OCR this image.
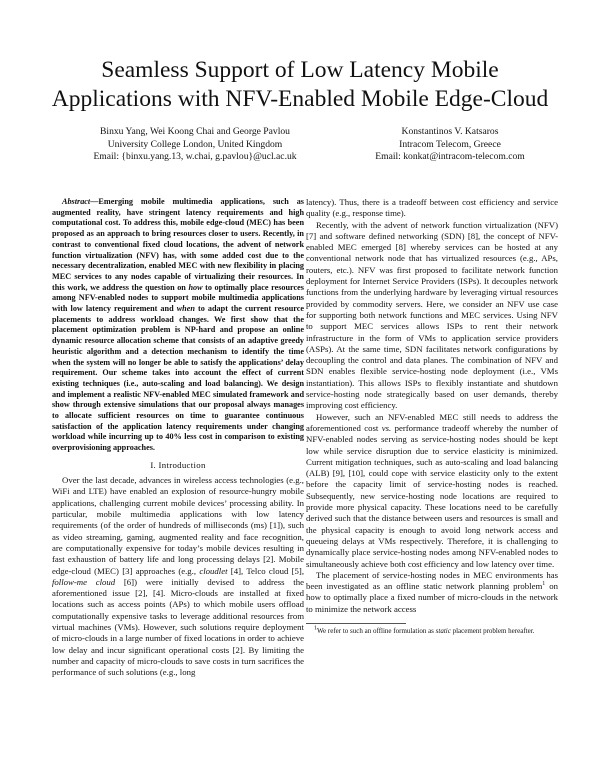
Seamless Support of Low Latency Mobile
Applications with NFV-Enabled Mobile Edge-Cloud
Binxu Yang, Wei Koong Chai and George Pavlou
University College London, United Kingdom
Email: {binxu.yang.13, w.chai, g.pavlou}@ucl.ac.uk
Konstantinos V. Katsaros
Intracom Telecom, Greece
Email: konkat@intracom-telecom.com

Abstract—Emerging mobile multimedia applications, such as augmented reality, have stringent latency requirements and high computational cost. To address this, mobile edge-cloud (MEC) has been proposed as an approach to bring resources closer to users. Recently, in contrast to conventional fixed cloud locations, the advent of network function virtualization (NFV) has, with some added cost due to the necessary decentralization, enabled MEC with new flexibility in placing MEC services to any nodes capable of virtualizing their resources. In this work, we address the question on how to optimally place resources among NFV-enabled nodes to support mobile multimedia applications with low latency requirement and when to adapt the current resource placements to address workload changes. We first show that the placement optimization problem is NP-hard and propose an online dynamic resource allocation scheme that consists of an adaptive greedy heuristic algorithm and a detection mechanism to identify the time when the system will no longer be able to satisfy the applications’ delay requirement. Our scheme takes into account the effect of current existing techniques (i.e., auto-scaling and load balancing). We design and implement a realistic NFV-enabled MEC simulated framework and show through extensive simulations that our proposal always manages to allocate sufficient resources on time to guarantee continuous satisfaction of the application latency requirements under changing workload while incurring up to 40% less cost in comparison to existing overprovisioning approaches.

I. Introduction

Over the last decade, advances in wireless access technologies (e.g., WiFi and LTE) have enabled an explosion of resource-hungry mobile applications, challenging current mobile devices’ processing ability. In particular, mobile multimedia applications with low latency requirements (of the order of hundreds of milliseconds (ms) [1]), such as video streaming, gaming, augmented reality and face recognition, are computationally expensive for today’s mobile devices resulting in fast exhaustion of battery life and long processing delays [2]. Mobile edge-cloud (MEC) [3] approaches (e.g., cloudlet [4], Telco cloud [5], follow-me cloud [6]) were initially devised to address the aforementioned issue [2], [4]. Micro-clouds are installed at fixed locations such as access points (APs) to which mobile users offload computationally expensive tasks to leverage additional resources from virtual machines (VMs). However, such solutions require deployment of micro-clouds in a large number of fixed locations in order to achieve low delay and incur significant operational costs [2]. By limiting the number and capacity of micro-clouds to save costs in turn sacrifices the performance of such solutions (e.g., long

latency). Thus, there is a tradeoff between cost efficiency and service quality (e.g., response time).

Recently, with the advent of network function virtualization (NFV) [7] and software defined networking (SDN) [8], the concept of NFV-enabled MEC emerged [8] whereby services can be hosted at any conventional network node that has virtualized resources (e.g., APs, routers, etc.). NFV was first proposed to facilitate network function deployment for Internet Service Providers (ISPs). It decouples network functions from the underlying hardware by leveraging virtual resources provided by commodity servers. Here, we consider an NFV use case for supporting both network functions and MEC services. Using NFV to support MEC services allows ISPs to rent their network infrastructure in the form of VMs to application service providers (ASPs). At the same time, SDN facilitates network configurations by decoupling the control and data planes. The combination of NFV and SDN enables flexible service-hosting node deployment (i.e., VMs instantiation). This allows ISPs to flexibly instantiate and shutdown service-hosting node strategically based on user demands, thereby improving cost efficiency.

However, such an NFV-enabled MEC still needs to address the aforementioned cost vs. performance tradeoff whereby the number of NFV-enabled nodes serving as service-hosting nodes should be kept low while service disruption due to service elasticity is minimized. Current mitigation techniques, such as auto-scaling and load balancing (ALB) [9], [10], could cope with service elasticity only to the extent before the capacity limit of service-hosting nodes is reached. Subsequently, new service-hosting node locations are required to provide more physical capacity. These locations need to be carefully derived such that the distance between users and resources is small and the physical capacity is enough to avoid long network access and queueing delays at VMs respectively. Therefore, it is challenging to dynamically place service-hosting nodes among NFV-enabled nodes to simultaneously achieve both cost efficiency and low latency over time.

The placement of service-hosting nodes in MEC environments has been investigated as an offline static network planning problem$^1$ on how to optimally place a fixed number of micro-clouds in the network to minimize the network access

$^1$We refer to such an offline formulation as static placement problem hereafter.
